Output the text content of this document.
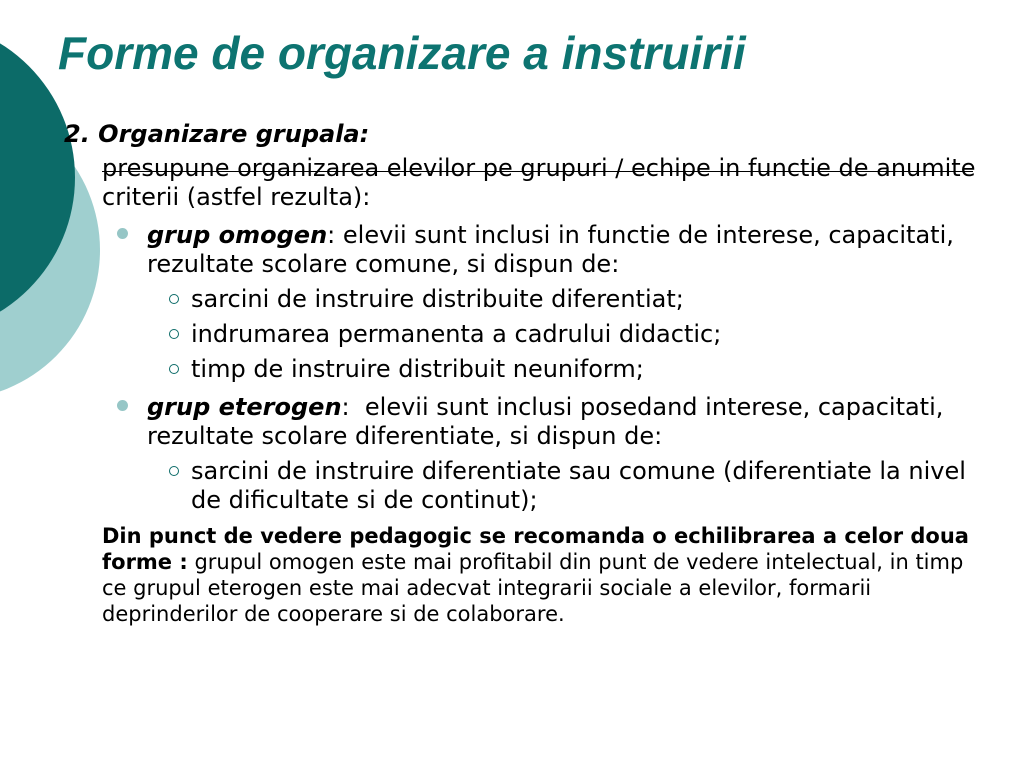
Forme de organizare a instruirii
2. Organizare grupala:
presupune organizarea elevilor pe grupuri / echipe in functie de anumite criterii (astfel rezulta):
grup omogen: elevii sunt inclusi in functie de interese, capacitati, rezultate scolare comune, si dispun de:
sarcini de instruire distribuite diferentiat;
indrumarea permanenta a cadrului didactic;
timp de instruire distribuit neuniform;
grup eterogen:  elevii sunt inclusi posedand interese, capacitati, rezultate scolare diferentiate, si dispun de:
sarcini de instruire diferentiate sau comune (diferentiate la nivel de dificultate si de continut);
Din punct de vedere pedagogic se recomanda o echilibrarea a celor doua forme : grupul omogen este mai profitabil din punt de vedere intelectual, in timp ce grupul eterogen este mai adecvat integrarii sociale a elevilor, formarii deprinderilor de cooperare si de colaborare.
